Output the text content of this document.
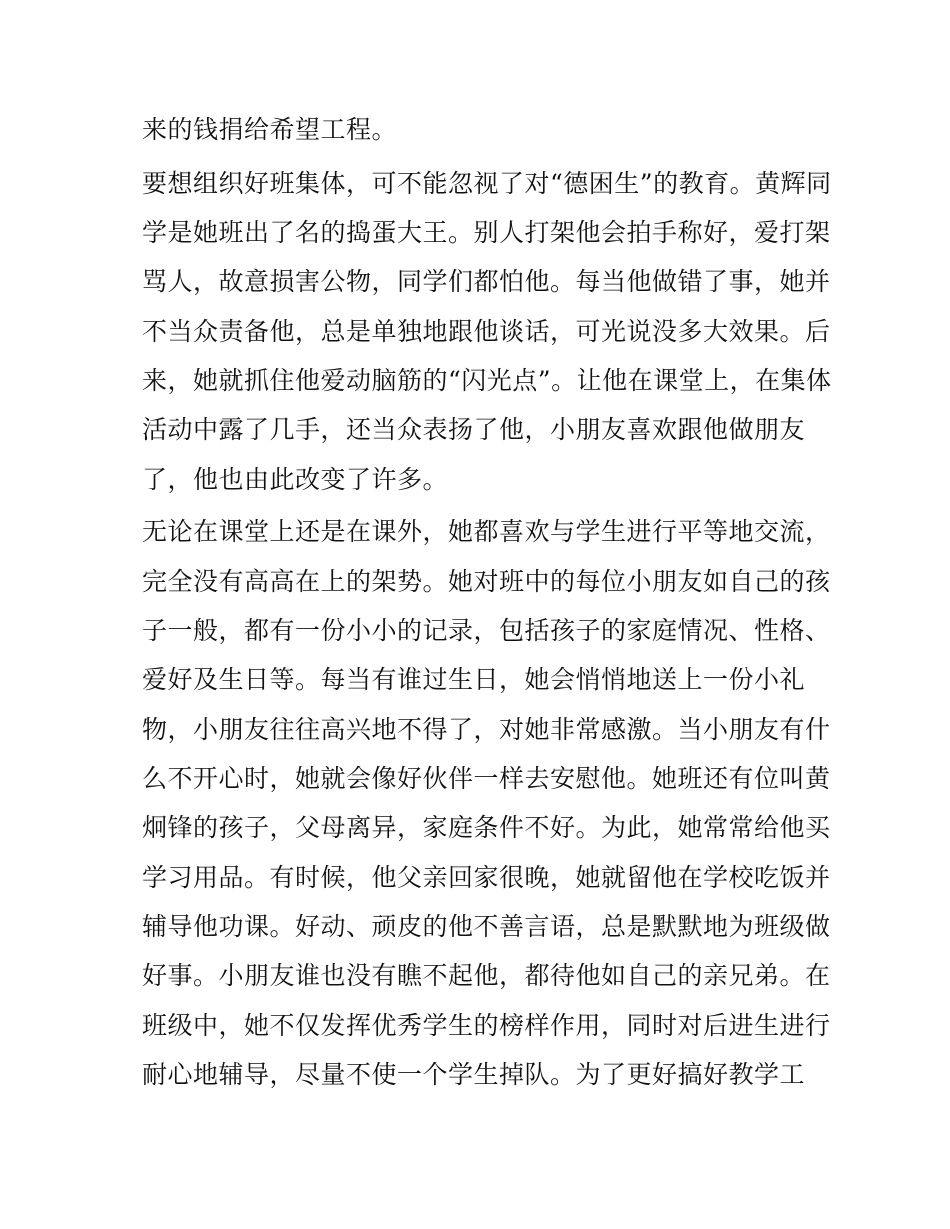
来的钱捐给希望工程。
要想组织好班集体，可不能忽视了对“德困生”的教育。黄辉同
学是她班出了名的捣蛋大王。别人打架他会拍手称好，爱打架
骂人，故意损害公物，同学们都怕他。每当他做错了事，她并
不当众责备他，总是单独地跟他谈话，可光说没多大效果。后
来，她就抓住他爱动脑筋的“闪光点”。让他在课堂上，在集体
活动中露了几手，还当众表扬了他，小朋友喜欢跟他做朋友
了，他也由此改变了许多。
无论在课堂上还是在课外，她都喜欢与学生进行平等地交流，
完全没有高高在上的架势。她对班中的每位小朋友如自己的孩
子一般，都有一份小小的记录，包括孩子的家庭情况、性格、
爱好及生日等。每当有谁过生日，她会悄悄地送上一份小礼
物，小朋友往往高兴地不得了，对她非常感激。当小朋友有什
么不开心时，她就会像好伙伴一样去安慰他。她班还有位叫黄
炯锋的孩子，父母离异，家庭条件不好。为此，她常常给他买
学习用品。有时候，他父亲回家很晚，她就留他在学校吃饭并
辅导他功课。好动、顽皮的他不善言语，总是默默地为班级做
好事。小朋友谁也没有瞧不起他，都待他如自己的亲兄弟。在
班级中，她不仅发挥优秀学生的榜样作用，同时对后进生进行
耐心地辅导，尽量不使一个学生掉队。为了更好搞好教学工
